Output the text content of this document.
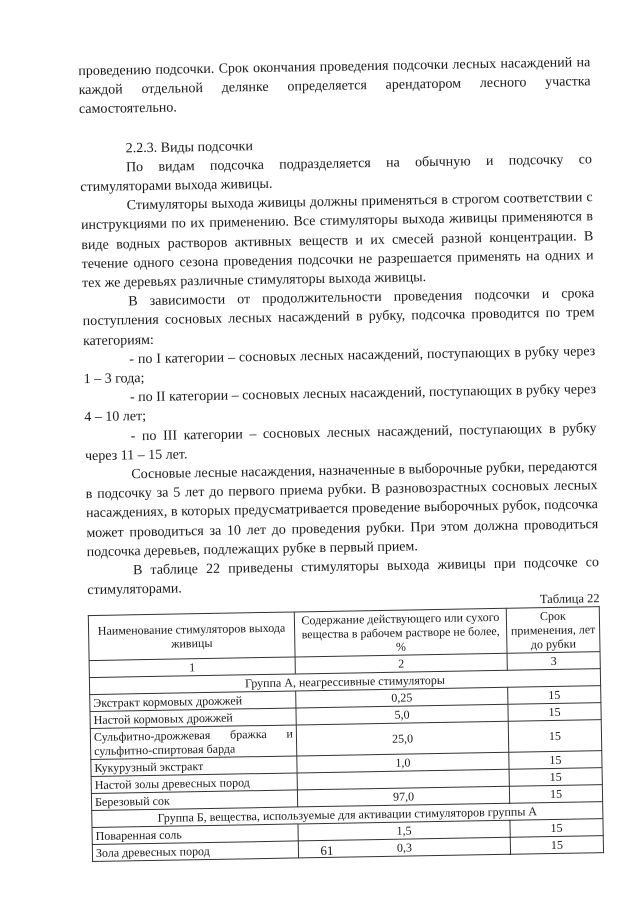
проведению подсочки. Срок окончания проведения подсочки лесных насаждений на каждой отдельной делянке определяется арендатором лесного участка самостоятельно.

2.2.3. Виды подсочки

По видам подсочка подразделяется на обычную и подсочку со стимуляторами выхода живицы.

Стимуляторы выхода живицы должны применяться в строгом соответствии с инструкциями по их применению. Все стимуляторы выхода живицы применяются в виде водных растворов активных веществ и их смесей разной концентрации. В течение одного сезона проведения подсочки не разрешается применять на одних и тех же деревьях различные стимуляторы выхода живицы.

В зависимости от продолжительности проведения подсочки и срока поступления сосновых лесных насаждений в рубку, подсочка проводится по трем категориям:

- по I категории – сосновых лесных насаждений, поступающих в рубку через 1 – 3 года;

- по II категории – сосновых лесных насаждений, поступающих в рубку через 4 – 10 лет;

- по III категории – сосновых лесных насаждений, поступающих в рубку через 11 – 15 лет.

Сосновые лесные насаждения, назначенные в выборочные рубки, передаются в подсочку за 5 лет до первого приема рубки. В разновозрастных сосновых лесных насаждениях, в которых предусматривается проведение выборочных рубок, подсочка может проводиться за 10 лет до проведения рубки. При этом должна проводиться подсочка деревьев, подлежащих рубке в первый прием.

В таблице 22 приведены стимуляторы выхода живицы при подсочке со стимуляторами.

Таблица 22

Наименование стимуляторов выхода живицы	Содержание действующего или сухого вещества в рабочем растворе не более, %	Срок применения, лет до рубки
1	2	3
Группа А, неагрессивные стимуляторы		
Экстракт кормовых дрожжей	0,25	15
Настой кормовых дрожжей	5,0	15
Сульфитно-дрожжевая бражка и сульфитно-спиртовая барда	25,0	15
Кукурузный экстракт	1,0	15
Настой золы древесных пород		15
Березовый сок	97,0	15
Группа Б, вещества, используемые для активации стимуляторов группы А		
Поваренная соль	1,5	15
Зола древесных пород	0,3	15
61
